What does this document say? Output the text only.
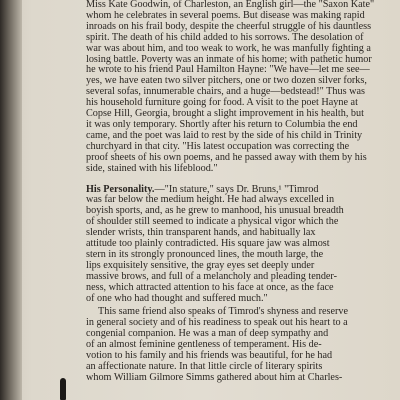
Miss Kate Goodwin, of Charleston, an English girl—the "Saxon Kate"

whom he celebrates in several poems. But disease was making rapid

inroads on his frail body, despite the cheerful struggle of his dauntless

spirit. The death of his child added to his sorrows. The desolation of

war was about him, and too weak to work, he was manfully fighting a

losing battle. Poverty was an inmate of his home; with pathetic humor

he wrote to his friend Paul Hamilton Hayne: "We have—let me see—

yes, we have eaten two silver pitchers, one or two dozen silver forks,

several sofas, innumerable chairs, and a huge—bedstead!" Thus was

his household furniture going for food. A visit to the poet Hayne at

Copse Hill, Georgia, brought a slight improvement in his health, but

it was only temporary. Shortly after his return to Columbia the end

came, and the poet was laid to rest by the side of his child in Trinity

churchyard in that city. "His latest occupation was correcting the

proof sheets of his own poems, and he passed away with them by his

side, stained with his lifeblood."

His Personality.—"In stature," says Dr. Bruns,¹ "Timrod

was far below the medium height. He had always excelled in

boyish sports, and, as he grew to manhood, his unusual breadth

of shoulder still seemed to indicate a physical vigor which the

slender wrists, thin transparent hands, and habitually lax

attitude too plainly contradicted. His square jaw was almost

stern in its strongly pronounced lines, the mouth large, the

lips exquisitely sensitive, the gray eyes set deeply under

massive brows, and full of a melancholy and pleading tender-

ness, which attracted attention to his face at once, as the face

of one who had thought and suffered much."

This same friend also speaks of Timrod's shyness and reserve

in general society and of his readiness to speak out his heart to a

congenial companion. He was a man of deep sympathy and

of an almost feminine gentleness of temperament. His de-

votion to his family and his friends was beautiful, for he had

an affectionate nature. In that little circle of literary spirits

whom William Gilmore Simms gathered about him at Charles-
